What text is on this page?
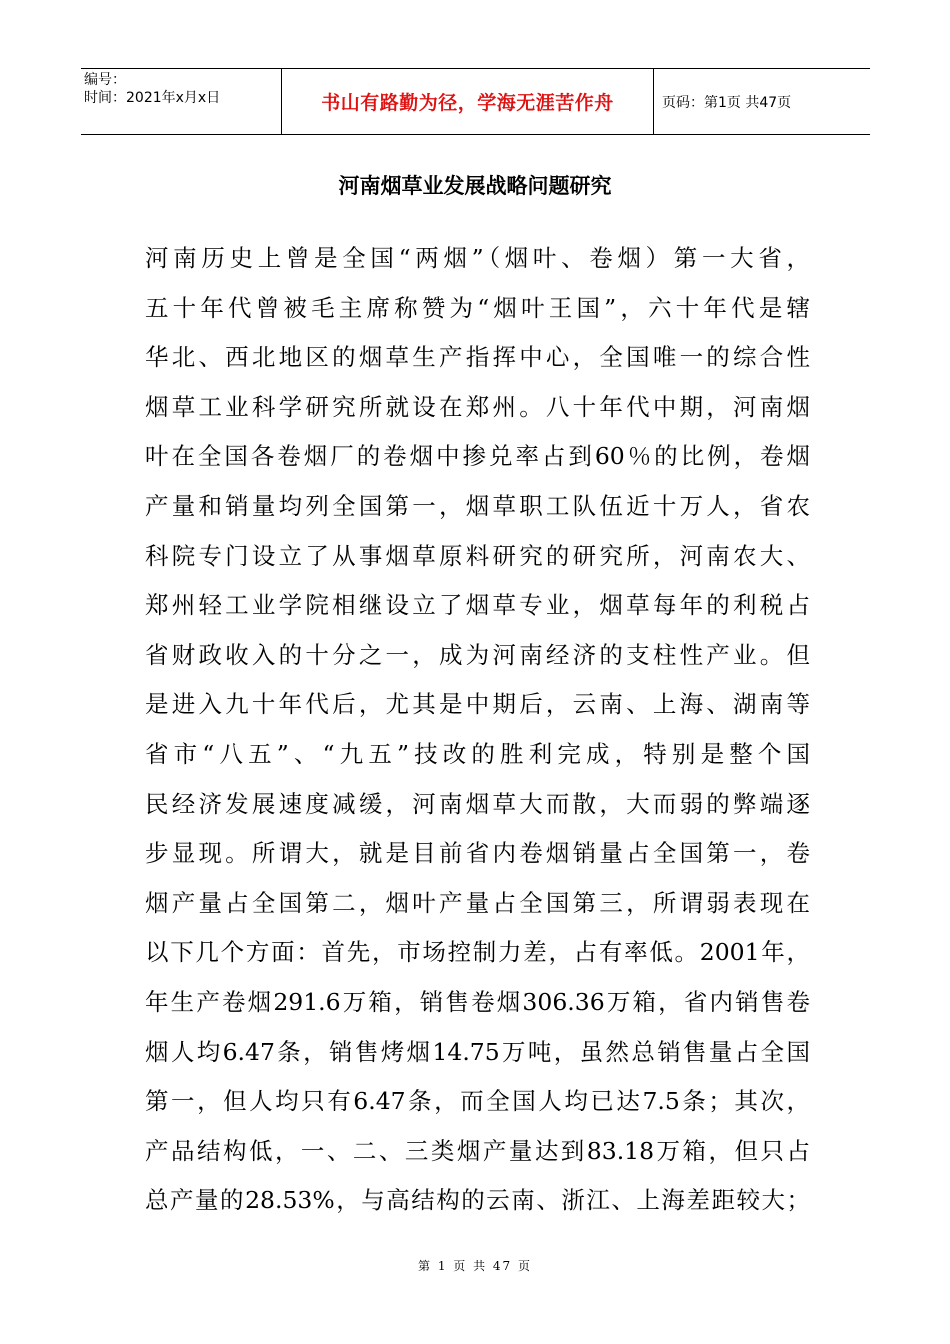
编号：
时间：2021年x月x日	书山有路勤为径，学海无涯苦作舟	页码：第1页 共47页
河南烟草业发展战略问题研究
河南历史上曾是全国“两烟”（烟叶、卷烟）第一大省，
五十年代曾被毛主席称赞为“烟叶王国”，六十年代是辖
华北、西北地区的烟草生产指挥中心，全国唯一的综合性
烟草工业科学研究所就设在郑州。八十年代中期，河南烟
叶在全国各卷烟厂的卷烟中掺兑率占到60％的比例，卷烟
产量和销量均列全国第一，烟草职工队伍近十万人，省农
科院专门设立了从事烟草原料研究的研究所，河南农大、
郑州轻工业学院相继设立了烟草专业，烟草每年的利税占
省财政收入的十分之一，成为河南经济的支柱性产业。但
是进入九十年代后，尤其是中期后，云南、上海、湖南等
省市“八五”、“九五”技改的胜利完成，特别是整个国
民经济发展速度减缓，河南烟草大而散，大而弱的弊端逐
步显现。所谓大，就是目前省内卷烟销量占全国第一，卷
烟产量占全国第二，烟叶产量占全国第三，所谓弱表现在
以下几个方面：首先，市场控制力差，占有率低。2001年，
年生产卷烟291.6万箱，销售卷烟306.36万箱，省内销售卷
烟人均6.47条，销售烤烟14.75万吨，虽然总销售量占全国
第一，但人均只有6.47条，而全国人均已达7.5条；其次，
产品结构低，一、二、三类烟产量达到83.18万箱，但只占
总产量的28.53%，与高结构的云南、浙江、上海差距较大；
第 1 页 共 47 页
